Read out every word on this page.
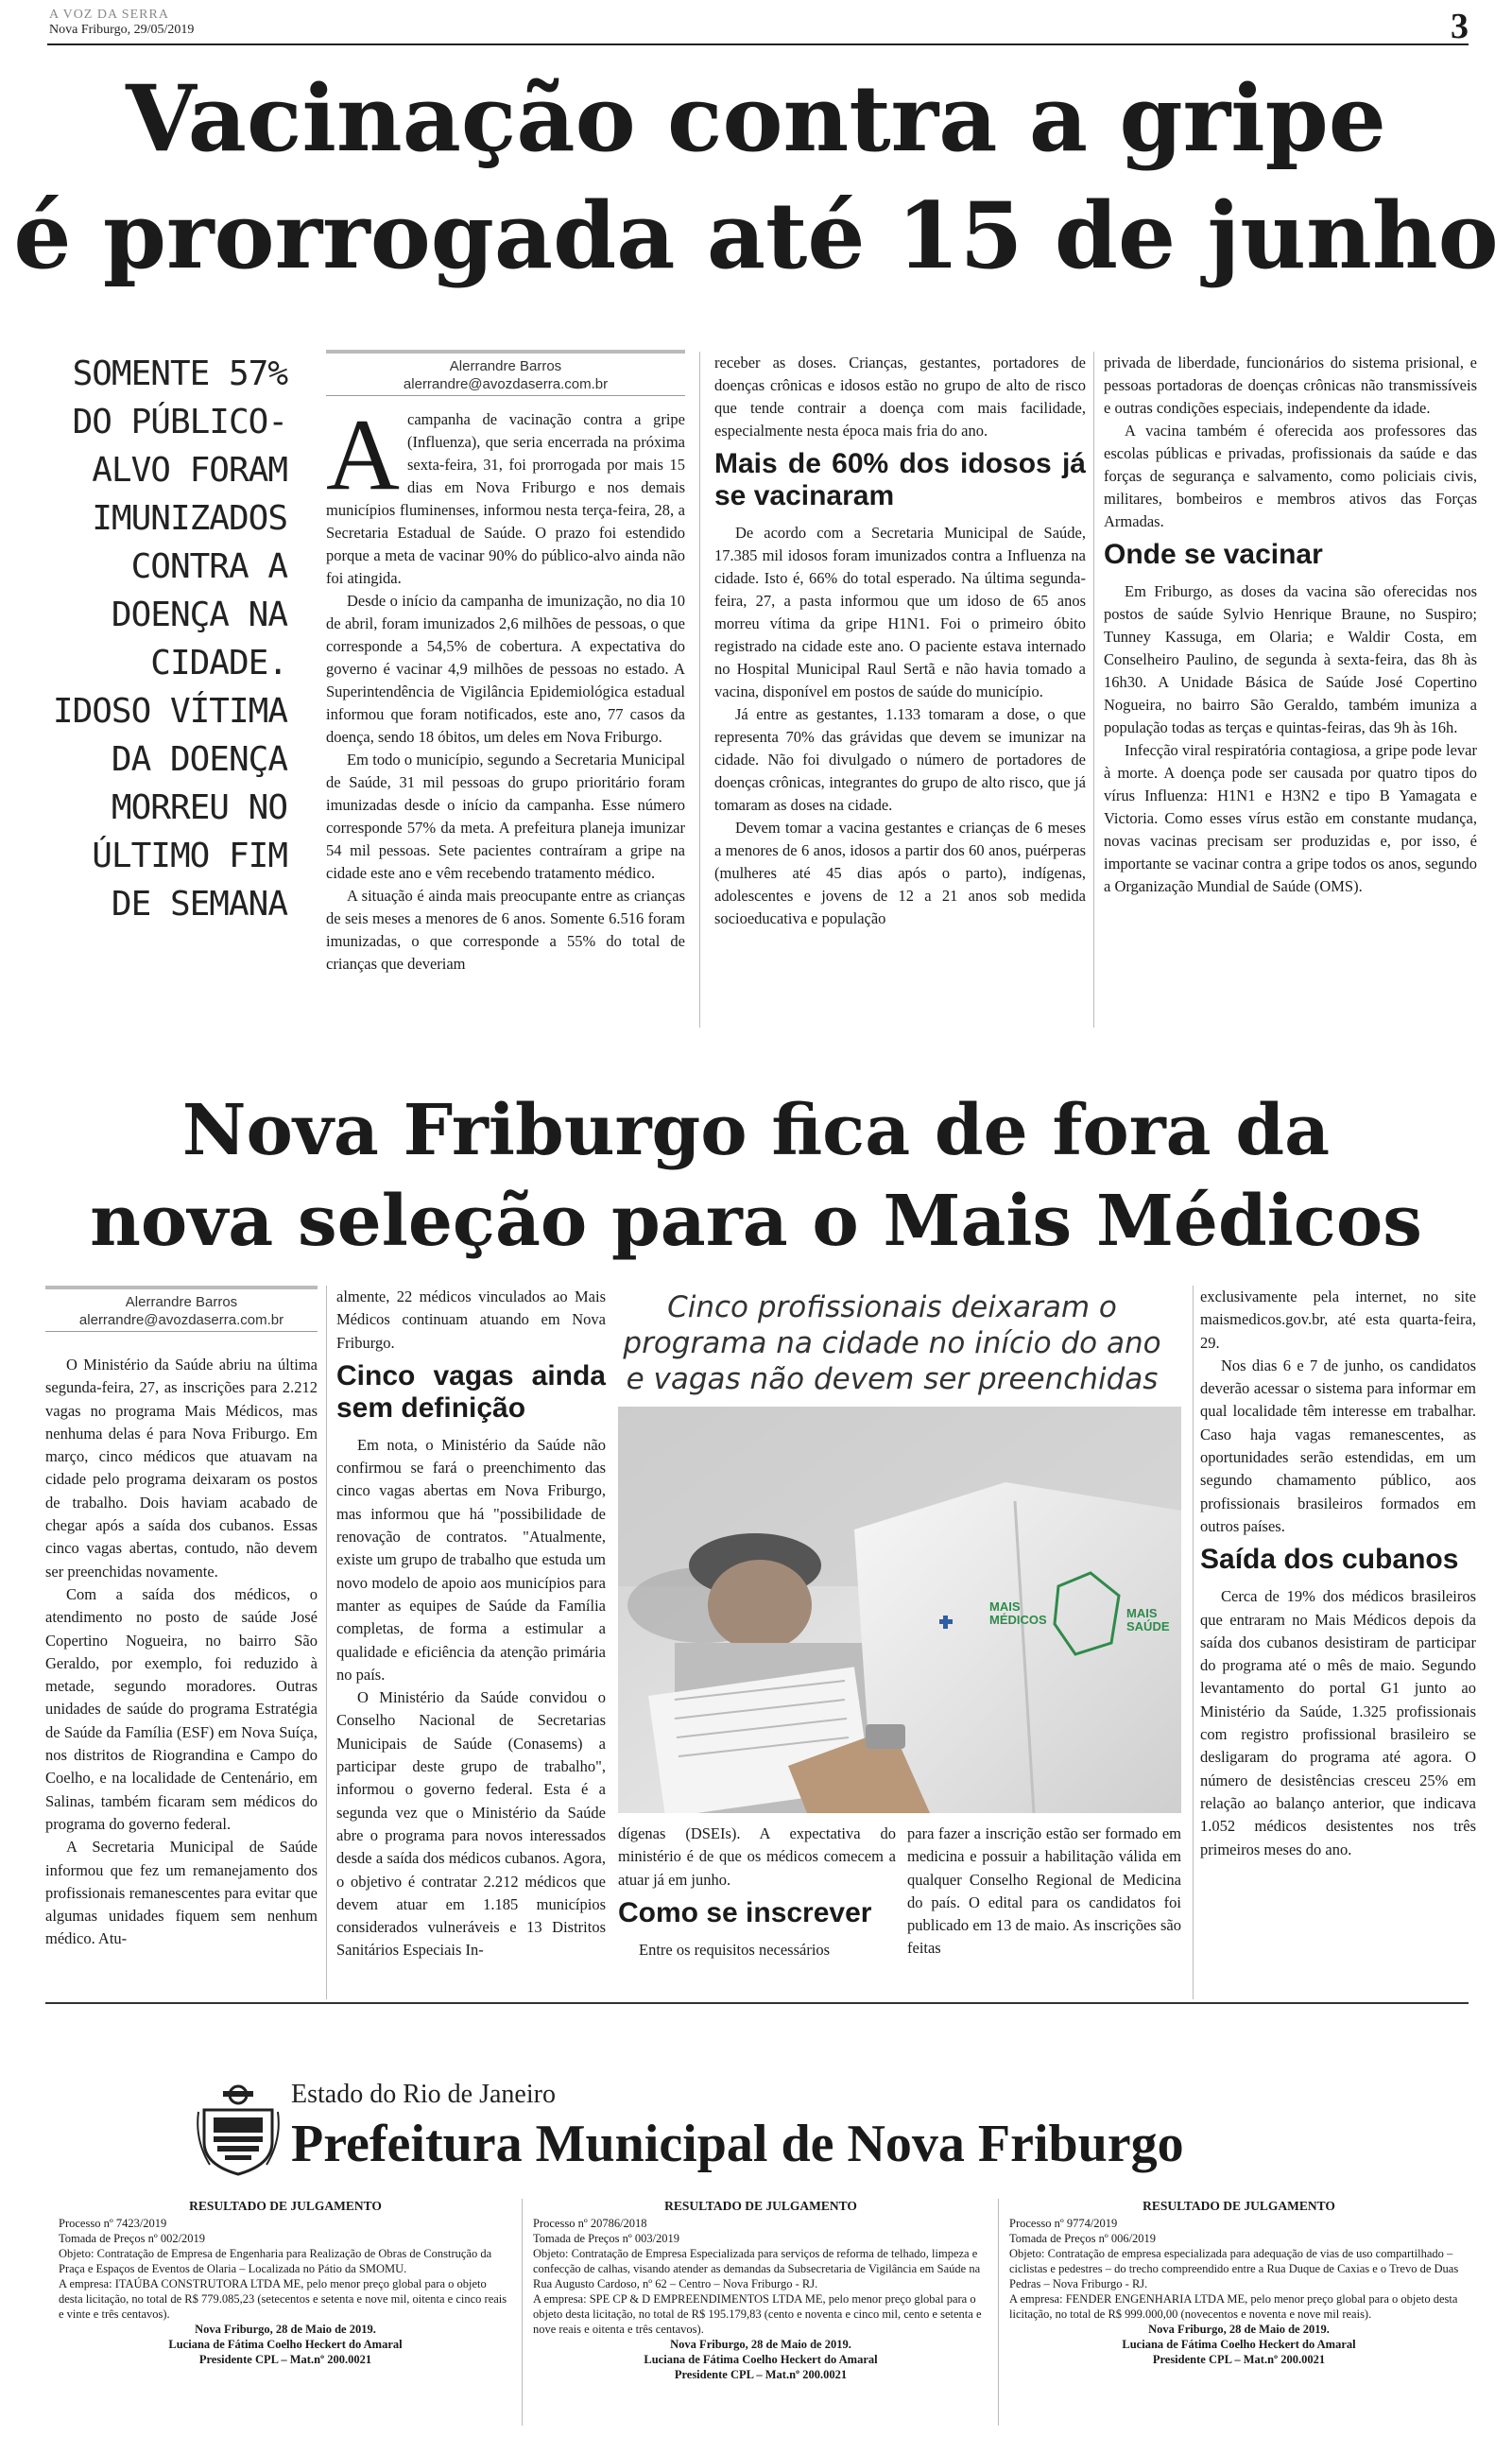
A VOZ DA SERRA
Nova Friburgo, 29/05/2019	3
Vacinação contra a gripe
é prorrogada até 15 de junho
SOMENTE 57% DO PÚBLICO-ALVO FORAM IMUNIZADOS CONTRA A DOENÇA NA CIDADE. IDOSO VÍTIMA DA DOENÇA MORREU NO ÚLTIMO FIM DE SEMANA
Alerrandre Barros
alerrandre@avozdaserra.com.br
A campanha de vacinação contra a gripe (Influenza), que seria encerrada na próxima sexta-feira, 31, foi prorrogada por mais 15 dias em Nova Friburgo e nos demais municípios fluminenses, informou nesta terça-feira, 28, a Secretaria Estadual de Saúde. O prazo foi estendido porque a meta de vacinar 90% do público-alvo ainda não foi atingida.

Desde o início da campanha de imunização, no dia 10 de abril, foram imunizados 2,6 milhões de pessoas, o que corresponde a 54,5% de cobertura. A expectativa do governo é vacinar 4,9 milhões de pessoas no estado. A Superintendência de Vigilância Epidemiológica estadual informou que foram notificados, este ano, 77 casos da doença, sendo 18 óbitos, um deles em Nova Friburgo.

Em todo o município, segundo a Secretaria Municipal de Saúde, 31 mil pessoas do grupo prioritário foram imunizadas desde o início da campanha. Esse número corresponde 57% da meta. A prefeitura planeja imunizar 54 mil pessoas. Sete pacientes contraíram a gripe na cidade este ano e vêm recebendo tratamento médico.

A situação é ainda mais preocupante entre as crianças de seis meses a menores de 6 anos. Somente 6.516 foram imunizadas, o que corresponde a 55% do total de crianças que deveriam

receber as doses. Crianças, gestantes, portadores de doenças crônicas e idosos estão no grupo de alto de risco que tende contrair a doença com mais facilidade, especialmente nesta época mais fria do ano.

Mais de 60% dos idosos já se vacinaram

De acordo com a Secretaria Municipal de Saúde, 17.385 mil idosos foram imunizados contra a Influenza na cidade. Isto é, 66% do total esperado. Na última segunda-feira, 27, a pasta informou que um idoso de 65 anos morreu vítima da gripe H1N1. Foi o primeiro óbito registrado na cidade este ano. O paciente estava internado no Hospital Municipal Raul Sertã e não havia tomado a vacina, disponível em postos de saúde do município.

Já entre as gestantes, 1.133 tomaram a dose, o que representa 70% das grávidas que devem se imunizar na cidade. Não foi divulgado o número de portadores de doenças crônicas, integrantes do grupo de alto risco, que já tomaram as doses na cidade.

Devem tomar a vacina gestantes e crianças de 6 meses a menores de 6 anos, idosos a partir dos 60 anos, puérperas (mulheres até 45 dias após o parto), indígenas, adolescentes e jovens de 12 a 21 anos sob medida socioeducativa e população

privada de liberdade, funcionários do sistema prisional, e pessoas portadoras de doenças crônicas não transmissíveis e outras condições especiais, independente da idade.

A vacina também é oferecida aos professores das escolas públicas e privadas, profissionais da saúde e das forças de segurança e salvamento, como policiais civis, militares, bombeiros e membros ativos das Forças Armadas.

Onde se vacinar

Em Friburgo, as doses da vacina são oferecidas nos postos de saúde Sylvio Henrique Braune, no Suspiro; Tunney Kassuga, em Olaria; e Waldir Costa, em Conselheiro Paulino, de segunda à sexta-feira, das 8h às 16h30. A Unidade Básica de Saúde José Copertino Nogueira, no bairro São Geraldo, também imuniza a população todas as terças e quintas-feiras, das 9h às 16h.

Infecção viral respiratória contagiosa, a gripe pode levar à morte. A doença pode ser causada por quatro tipos do vírus Influenza: H1N1 e H3N2 e tipo B Yamagata e Victoria. Como esses vírus estão em constante mudança, novas vacinas precisam ser produzidas e, por isso, é importante se vacinar contra a gripe todos os anos, segundo a Organização Mundial de Saúde (OMS).

Nova Friburgo fica de fora da
nova seleção para o Mais Médicos
Alerrandre Barros
alerrandre@avozdaserra.com.br

O Ministério da Saúde abriu na última segunda-feira, 27, as inscrições para 2.212 vagas no programa Mais Médicos, mas nenhuma delas é para Nova Friburgo. Em março, cinco médicos que atuavam na cidade pelo programa deixaram os postos de trabalho. Dois haviam acabado de chegar após a saída dos cubanos. Essas cinco vagas abertas, contudo, não devem ser preenchidas novamente.

Com a saída dos médicos, o atendimento no posto de saúde José Copertino Nogueira, no bairro São Geraldo, por exemplo, foi reduzido à metade, segundo moradores. Outras unidades de saúde do programa Estratégia de Saúde da Família (ESF) em Nova Suíça, nos distritos de Riograndina e Campo do Coelho, e na localidade de Centenário, em Salinas, também ficaram sem médicos do programa do governo federal.

A Secretaria Municipal de Saúde informou que fez um remanejamento dos profissionais remanescentes para evitar que algumas unidades fiquem sem nenhum médico. Atu-

almente, 22 médicos vinculados ao Mais Médicos continuam atuando em Nova Friburgo.

Cinco vagas ainda sem definição

Em nota, o Ministério da Saúde não confirmou se fará o preenchimento das cinco vagas abertas em Nova Friburgo, mas informou que há "possibilidade de renovação de contratos. "Atualmente, existe um grupo de trabalho que estuda um novo modelo de apoio aos municípios para manter as equipes de Saúde da Família completas, de forma a estimular a qualidade e eficiência da atenção primária no país.

O Ministério da Saúde convidou o Conselho Nacional de Secretarias Municipais de Saúde (Conasems) a participar deste grupo de trabalho", informou o governo federal. Esta é a segunda vez que o Ministério da Saúde abre o programa para novos interessados desde a saída dos médicos cubanos. Agora, o objetivo é contratar 2.212 médicos que devem atuar em 1.185 municípios considerados vulneráveis e 13 Distritos Sanitários Especiais In-

Cinco profissionais deixaram o programa na cidade no início do ano e vagas não devem ser preenchidas
MAIS
MÉDICOS	MAIS
SAÚDE

dígenas (DSEIs). A expectativa do ministério é de que os médicos comecem a atuar já em junho.

Como se inscrever

Entre os requisitos necessários

para fazer a inscrição estão ser formado em medicina e possuir a habilitação válida em qualquer Conselho Regional de Medicina do país. O edital para os candidatos foi publicado em 13 de maio. As inscrições são feitas

exclusivamente pela internet, no site maismedicos.gov.br, até esta quarta-feira, 29.

Nos dias 6 e 7 de junho, os candidatos deverão acessar o sistema para informar em qual localidade têm interesse em trabalhar. Caso haja vagas remanescentes, as oportunidades serão estendidas, em um segundo chamamento público, aos profissionais brasileiros formados em outros países.

Saída dos cubanos

Cerca de 19% dos médicos brasileiros que entraram no Mais Médicos depois da saída dos cubanos desistiram de participar do programa até o mês de maio. Segundo levantamento do portal G1 junto ao Ministério da Saúde, 1.325 profissionais com registro profissional brasileiro se desligaram do programa até agora. O número de desistências cresceu 25% em relação ao balanço anterior, que indicava 1.052 médicos desistentes nos três primeiros meses do ano.

Estado do Rio de Janeiro
Prefeitura Municipal de Nova Friburgo
RESULTADO DE JULGAMENTO

Processo nº 7423/2019

Tomada de Preços nº 002/2019

Objeto: Contratação de Empresa de Engenharia para Realização de Obras de Construção da Praça e Espaços de Eventos de Olaria – Localizada no Pátio da SMOMU.

A empresa: ITAÚBA CONSTRUTORA LTDA ME, pelo menor preço global para o objeto desta licitação, no total de R$ 779.085,23 (setecentos e setenta e nove mil, oitenta e cinco reais e vinte e três centavos).

Nova Friburgo, 28 de Maio de 2019.
Luciana de Fátima Coelho Heckert do Amaral
Presidente CPL – Mat.nº 200.0021
RESULTADO DE JULGAMENTO

Processo nº 20786/2018

Tomada de Preços nº 003/2019

Objeto: Contratação de Empresa Especializada para serviços de reforma de telhado, limpeza e confecção de calhas, visando atender as demandas da Subsecretaria de Vigilância em Saúde na Rua Augusto Cardoso, nº 62 – Centro – Nova Friburgo - RJ.

A empresa: SPE CP & D EMPREENDIMENTOS LTDA ME, pelo menor preço global para o objeto desta licitação, no total de R$ 195.179,83 (cento e noventa e cinco mil, cento e setenta e nove reais e oitenta e três centavos).

Nova Friburgo, 28 de Maio de 2019.
Luciana de Fátima Coelho Heckert do Amaral
Presidente CPL – Mat.nº 200.0021
RESULTADO DE JULGAMENTO

Processo nº 9774/2019

Tomada de Preços nº 006/2019

Objeto: Contratação de empresa especializada para adequação de vias de uso compartilhado – ciclistas e pedestres – do trecho compreendido entre a Rua Duque de Caxias e o Trevo de Duas Pedras – Nova Friburgo - RJ.

A empresa: FENDER ENGENHARIA LTDA ME, pelo menor preço global para o objeto desta licitação, no total de R$ 999.000,00 (novecentos e noventa e nove mil reais).

Nova Friburgo, 28 de Maio de 2019.
Luciana de Fátima Coelho Heckert do Amaral
Presidente CPL – Mat.nº 200.0021
